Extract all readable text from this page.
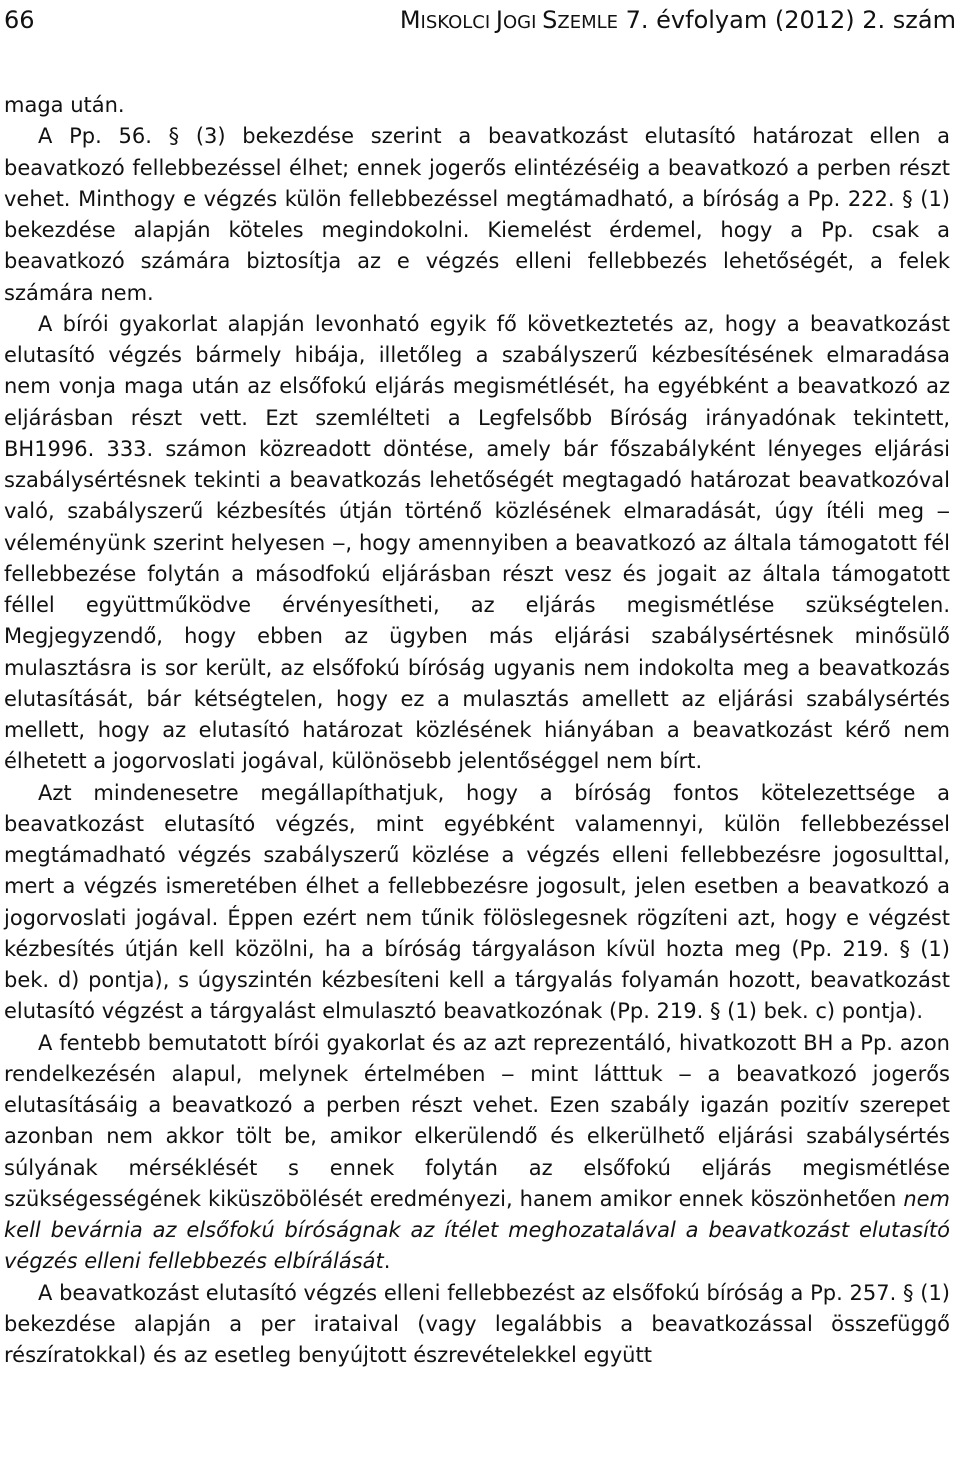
66	MISKOLCI JOGI SZEMLE 7. évfolyam (2012) 2. szám

maga után.

A Pp. 56. § (3) bekezdése szerint a beavatkozást elutasító határozat ellen a beavatkozó fellebbezéssel élhet; ennek jogerős elintézéséig a beavatkozó a perben részt vehet. Minthogy e végzés külön fellebbezéssel megtámadható, a bíróság a Pp. 222. § (1) bekezdése alapján köteles megindokolni. Kiemelést érdemel, hogy a Pp. csak a beavatkozó számára biztosítja az e végzés elleni fellebbezés lehetőségét, a felek számára nem.

A bírói gyakorlat alapján levonható egyik fő következtetés az, hogy a beavatkozást elutasító végzés bármely hibája, illetőleg a szabályszerű kézbesítésének elmaradása nem vonja maga után az elsőfokú eljárás megismétlését, ha egyébként a beavatkozó az eljárásban részt vett. Ezt szemlélteti a Legfelsőbb Bíróság irányadónak tekintett, BH1996. 333. számon közreadott döntése, amely bár főszabályként lényeges eljárási szabálysértésnek tekinti a beavatkozás lehetőségét megtagadó határozat beavatkozóval való, szabályszerű kézbesítés útján történő közlésének elmaradását, úgy ítéli meg ‒ véleményünk szerint helyesen ‒, hogy amennyiben a beavatkozó az általa támogatott fél fellebbezése folytán a másodfokú eljárásban részt vesz és jogait az általa támogatott féllel együttműködve érvényesítheti, az eljárás megismétlése szükségtelen. Megjegyzendő, hogy ebben az ügyben más eljárási szabálysértésnek minősülő mulasztásra is sor került, az elsőfokú bíróság ugyanis nem indokolta meg a beavatkozás elutasítását, bár kétségtelen, hogy ez a mulasztás amellett az eljárási szabálysértés mellett, hogy az elutasító határozat közlésének hiányában a beavatkozást kérő nem élhetett a jogorvoslati jogával, különösebb jelentőséggel nem bírt.

Azt mindenesetre megállapíthatjuk, hogy a bíróság fontos kötelezettsége a beavatkozást elutasító végzés, mint egyébként valamennyi, külön fellebbezéssel megtámadható végzés szabályszerű közlése a végzés elleni fellebbezésre jogosulttal, mert a végzés ismeretében élhet a fellebbezésre jogosult, jelen esetben a beavatkozó a jogorvoslati jogával. Éppen ezért nem tűnik fölöslegesnek rögzíteni azt, hogy e végzést kézbesítés útján kell közölni, ha a bíróság tárgyaláson kívül hozta meg (Pp. 219. § (1) bek. d) pontja), s úgyszintén kézbesíteni kell a tárgyalás folyamán hozott, beavatkozást elutasító végzést a tárgyalást elmulasztó beavatkozónak (Pp. 219. § (1) bek. c) pontja).

A fentebb bemutatott bírói gyakorlat és az azt reprezentáló, hivatkozott BH a Pp. azon rendelkezésén alapul, melynek értelmében ‒ mint látttuk ‒ a beavatkozó jogerős elutasításáig a beavatkozó a perben részt vehet. Ezen szabály igazán pozitív szerepet azonban nem akkor tölt be, amikor elkerülendő és elkerülhető eljárási szabálysértés súlyának mérséklését s ennek folytán az elsőfokú eljárás megismétlése szükségességének kiküszöbölését eredményezi, hanem amikor ennek köszönhetően nem kell bevárnia az elsőfokú bíróságnak az ítélet meghozatalával a beavatkozást elutasító végzés elleni fellebbezés elbírálását.

A beavatkozást elutasító végzés elleni fellebbezést az elsőfokú bíróság a Pp. 257. § (1) bekezdése alapján a per irataival (vagy legalábbis a beavatkozással összefüggő részíratokkal) és az esetleg benyújtott észrevételekkel együtt
